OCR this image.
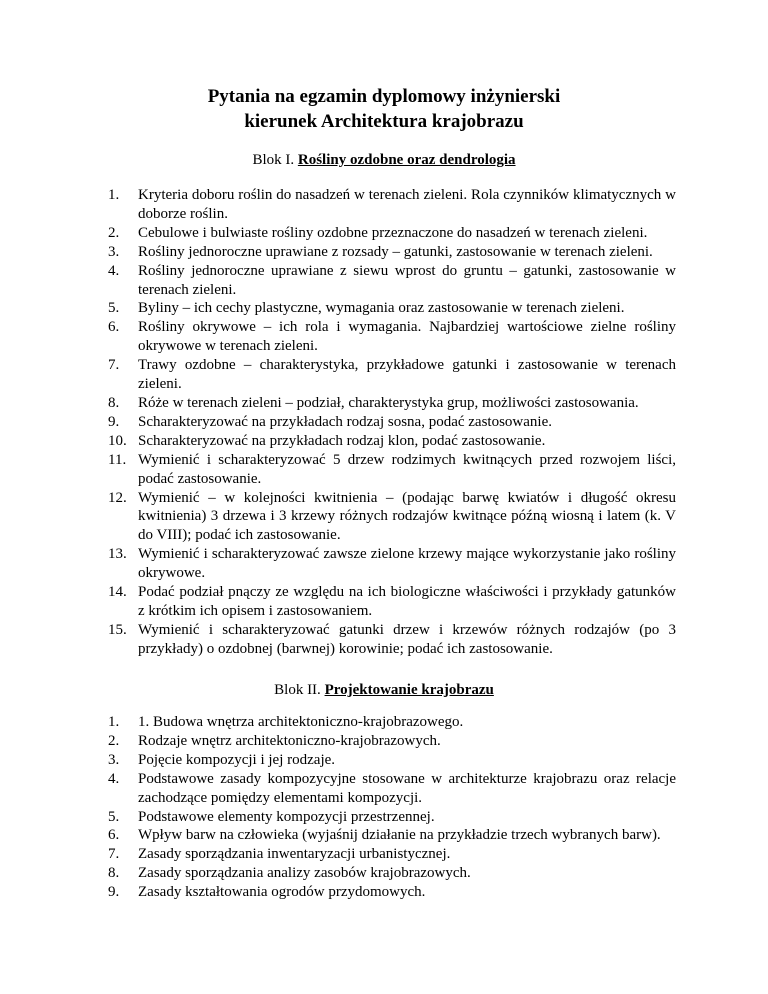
Pytania na egzamin dyplomowy inżynierski
kierunek Architektura krajobrazu
Blok I. Rośliny ozdobne oraz dendrologia
1.	Kryteria doboru roślin do nasadzeń w terenach zieleni. Rola czynników klimatycznych w doborze roślin.
2.	Cebulowe i bulwiaste rośliny ozdobne przeznaczone do nasadzeń w terenach zieleni.
3.	Rośliny jednoroczne uprawiane z rozsady – gatunki, zastosowanie w terenach zieleni.
4.	Rośliny jednoroczne uprawiane z siewu wprost do gruntu – gatunki, zastosowanie w terenach zieleni.
5.	Byliny – ich cechy plastyczne, wymagania oraz zastosowanie w terenach zieleni.
6.	Rośliny okrywowe – ich rola i wymagania. Najbardziej wartościowe zielne rośliny okrywowe w terenach zieleni.
7.	Trawy ozdobne – charakterystyka, przykładowe gatunki i zastosowanie w terenach zieleni.
8.	Róże w terenach zieleni – podział, charakterystyka grup, możliwości zastosowania.
9.	Scharakteryzować na przykładach rodzaj sosna, podać zastosowanie.
10. Scharakteryzować na przykładach rodzaj klon, podać zastosowanie.
11. Wymienić i scharakteryzować 5 drzew rodzimych kwitnących przed rozwojem liści, podać zastosowanie.
12. Wymienić – w kolejności kwitnienia – (podając barwę kwiatów i długość okresu kwitnienia) 3 drzewa i 3 krzewy różnych rodzajów kwitnące późną wiosną i latem (k. V do VIII); podać ich zastosowanie.
13. Wymienić i scharakteryzować zawsze zielone krzewy mające wykorzystanie jako rośliny okrywowe.
14. Podać podział pnączy ze względu na ich biologiczne właściwości i przykłady gatunków z krótkim ich opisem i zastosowaniem.
15. Wymienić i scharakteryzować gatunki drzew i krzewów różnych rodzajów (po 3 przykłady) o ozdobnej (barwnej) korowinie; podać ich zastosowanie.
Blok II. Projektowanie krajobrazu
1.	1. Budowa wnętrza architektoniczno-krajobrazowego.
2.	Rodzaje wnętrz architektoniczno-krajobrazowych.
3.	Pojęcie kompozycji i jej rodzaje.
4.	Podstawowe zasady kompozycyjne stosowane w architekturze krajobrazu oraz relacje zachodzące pomiędzy elementami kompozycji.
5.	Podstawowe elementy kompozycji przestrzennej.
6.	Wpływ barw na człowieka (wyjaśnij działanie na przykładzie trzech wybranych barw).
7.	Zasady sporządzania inwentaryzacji urbanistycznej.
8.	Zasady sporządzania analizy zasobów krajobrazowych.
9.	Zasady kształtowania ogrodów przydomowych.
